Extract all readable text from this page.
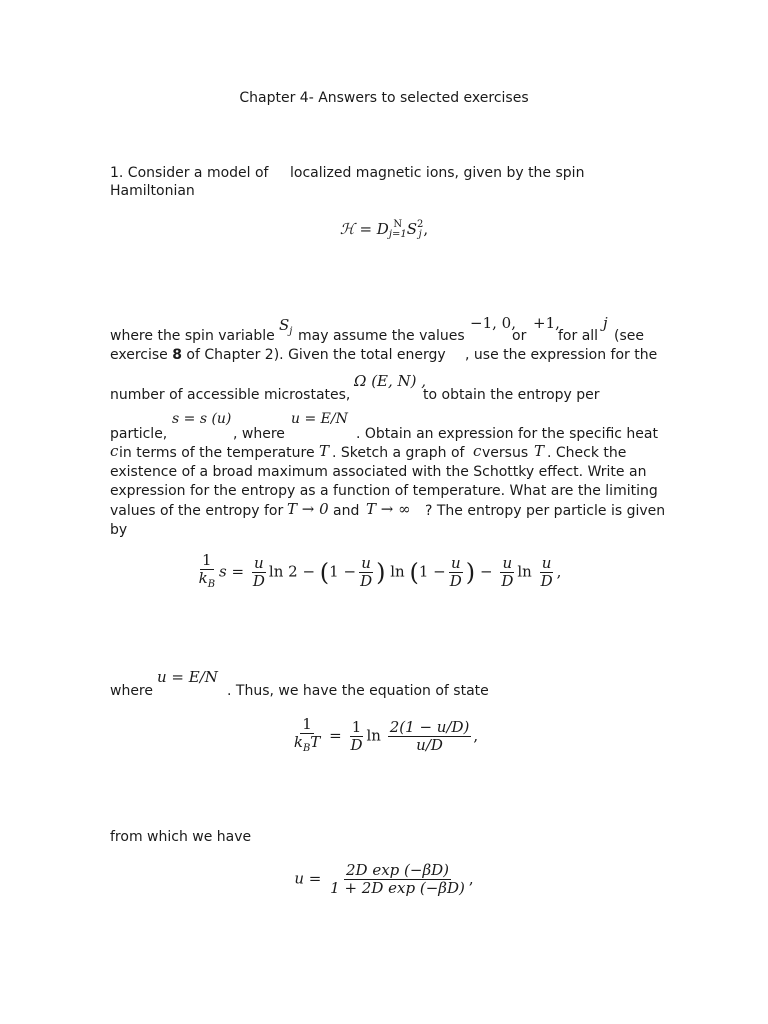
Chapter 4- Answers to selected exercises
1. Consider a model of localized magnetic ions, given by the spin
Hamiltonian
ℋ = D N
j=1 S 2
j ,
where the spin variable
$S_j$ may assume the values
−1, 0,
or
+1,
for all
j
(see
exercise 8 of Chapter 2). Given the total energy , use the expression for the
Ω (E, N) ,
number of accessible microstates,	to obtain the entropy per
s = s (u)	u = E/N
particle,	, where	. Obtain an expression for the specific heat
c in terms of the temperature T . Sketch a graph of c versus T . Check the
existence of a broad maximum associated with the Schottky effect. Write an
expression for the entropy as a function of temperature. What are the limiting
values of the entropy for T → 0 and T → ∞ ? The entropy per particle is given
by
$\frac{1}{k_B}$ $s = \frac{u}{D}$ $\ln 2 - (1 - \frac{u}{D}$ ) $\ln (1 - \frac{u}{D}$ ) − $\frac{u}{D}$ $\ln \frac{u}{D}$ ,
u = E/N
where	. Thus, we have the equation of state
$\frac{1}{k_BT} = \frac{1}{D}$ $\ln \frac{2(1 - u/D)}{u/D}$ ,
from which we have
$u = \frac{\text{2D exp (−βD)}}{\text{1 + 2D exp (−βD)}}$ ,
